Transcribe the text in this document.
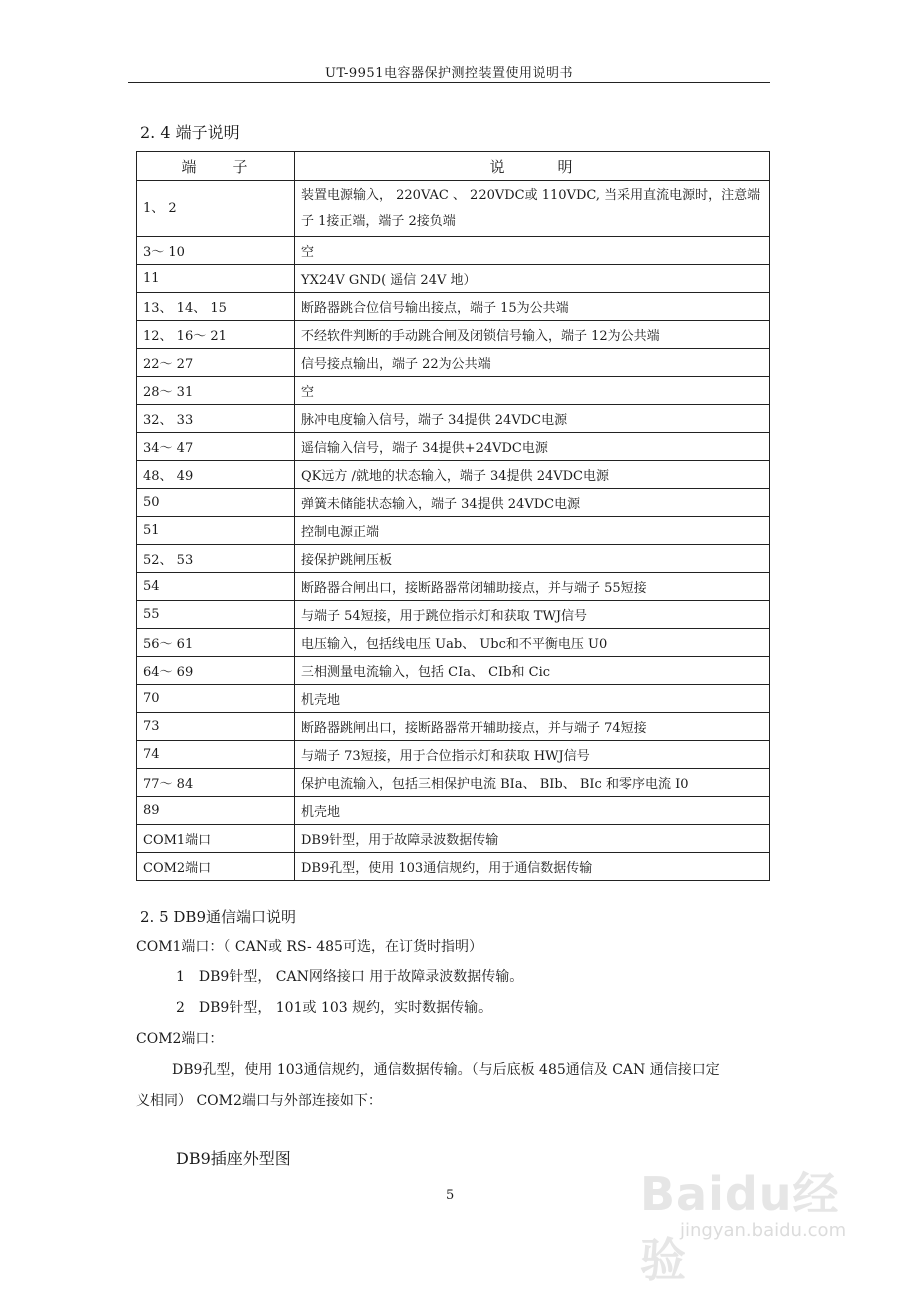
UT-9951电容器保护测控装置使用说明书
2. 4 端子说明
端　　子	说　　　明
1、 2	装置电源输入， 220VAC 、 220VDC或 110VDC, 当采用直流电源时，注意端子 1接正端，端子 2接负端
3～ 10	空
11	YX24V GND( 遥信 24V 地）
13、 14、 15	断路器跳合位信号输出接点，端子 15为公共端
12、 16～ 21	不经软件判断的手动跳合闸及闭锁信号输入，端子 12为公共端
22～ 27	信号接点输出，端子 22为公共端
28～ 31	空
32、 33	脉冲电度输入信号，端子 34提供 24VDC电源
34～ 47	遥信输入信号，端子 34提供+24VDC电源
48、 49	QK远方 /就地的状态输入，端子 34提供 24VDC电源
50	弹簧未储能状态输入，端子 34提供 24VDC电源
51	控制电源正端
52、 53	接保护跳闸压板
54	断路器合闸出口，接断路器常闭辅助接点，并与端子 55短接
55	与端子 54短接，用于跳位指示灯和获取 TWJ信号
56～ 61	电压输入，包括线电压 Uab、 Ubc和不平衡电压 U0
64～ 69	三相测量电流输入，包括 CIa、 CIb和 Cic
70	机壳地
73	断路器跳闸出口，接断路器常开辅助接点，并与端子 74短接
74	与端子 73短接，用于合位指示灯和获取 HWJ信号
77～ 84	保护电流输入，包括三相保护电流 BIa、 BIb、 BIc 和零序电流 I0
89	机壳地
COM1端口	DB9针型，用于故障录波数据传输
COM2端口	DB9孔型，使用 103通信规约，用于通信数据传输
2. 5 DB9通信端口说明
COM1端口：（ CAN或 RS- 485可选，在订货时指明）
1　DB9针型， CAN网络接口 用于故障录波数据传输。
2　DB9针型， 101或 103 规约，实时数据传输。
COM2端口：
DB9孔型，使用 103通信规约，通信数据传输。（与后底板 485通信及 CAN 通信接口定
义相同） COM2端口与外部连接如下：
DB9插座外型图
5	Baidu经验
jingyan.baidu.com
